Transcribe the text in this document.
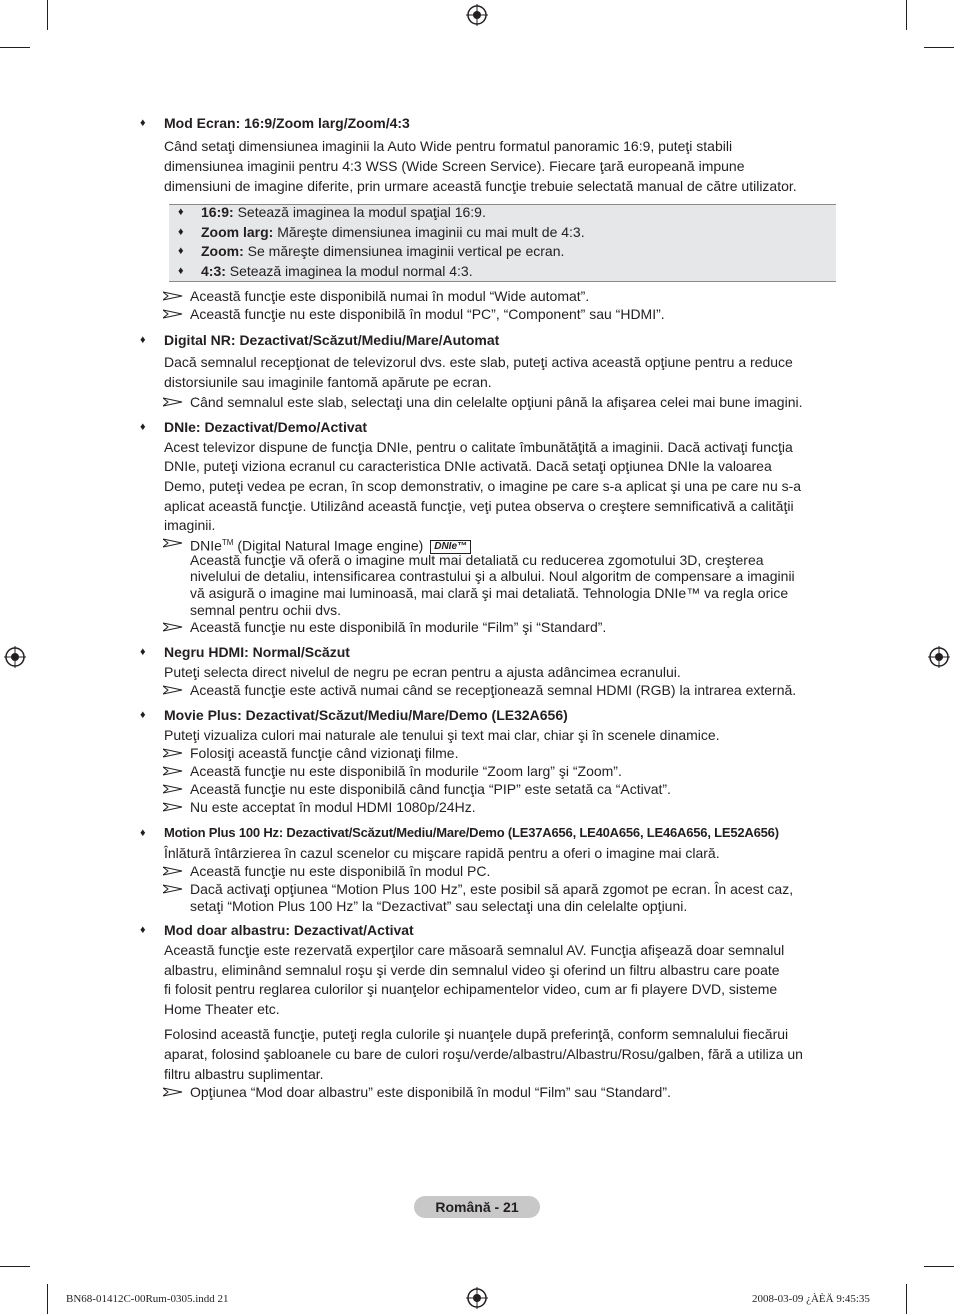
♦ Mod Ecran: 16:9/Zoom larg/Zoom/4:3
Când setaţi dimensiunea imaginii la Auto Wide pentru formatul panoramic 16:9, puteţi stabili
dimensiunea imaginii pentru 4:3 WSS (Wide Screen Service). Fiecare ţară europeană impune
dimensiuni de imagine diferite, prin urmare această funcţie trebuie selectată manual de către utilizator.
♦ 16:9: Setează imaginea la modul spaţial 16:9.
♦ Zoom larg: Măreşte dimensiunea imaginii cu mai mult de 4:3.
♦ Zoom: Se măreşte dimensiunea imaginii vertical pe ecran.
♦ 4:3: Setează imaginea la modul normal 4:3.
Această funcţie este disponibilă numai în modul “Wide automat”.
Această funcţie nu este disponibilă în modul “PC”, “Component” sau “HDMI”.
♦ Digital NR: Dezactivat/Scăzut/Mediu/Mare/Automat
Dacă semnalul recepţionat de televizorul dvs. este slab, puteţi activa această opţiune pentru a reduce
distorsiunile sau imaginile fantomă apărute pe ecran.
Când semnalul este slab, selectaţi una din celelalte opţiuni până la afişarea celei mai bune imagini.
♦ DNIe: Dezactivat/Demo/Activat
Acest televizor dispune de funcţia DNIe, pentru o calitate îmbunătăţită a imaginii. Dacă activaţi funcţia
DNIe, puteţi viziona ecranul cu caracteristica DNIe activată. Dacă setaţi opţiunea DNIe la valoarea
Demo, puteţi vedea pe ecran, în scop demonstrativ, o imagine pe care s-a aplicat şi una pe care nu s-a
aplicat această funcţie. Utilizând această funcţie, veţi putea observa o creştere semnificativă a calităţii
imaginii.
DNIe™ (Digital Natural Image engine) DNIe™
Această funcţie vă oferă o imagine mult mai detaliată cu reducerea zgomotului 3D, creşterea
nivelului de detaliu, intensificarea contrastului şi a albului. Noul algoritm de compensare a imaginii
vă asigură o imagine mai luminoasă, mai clară şi mai detaliată. Tehnologia DNIe™ va regla orice
semnal pentru ochii dvs.
Această funcţie nu este disponibilă în modurile “Film” şi “Standard”.
♦ Negru HDMI: Normal/Scăzut
Puteţi selecta direct nivelul de negru pe ecran pentru a ajusta adâncimea ecranului.
Această funcţie este activă numai când se recepţionează semnal HDMI (RGB) la intrarea externă.
♦ Movie Plus: Dezactivat/Scăzut/Mediu/Mare/Demo (LE32A656)
Puteţi vizualiza culori mai naturale ale tenului şi text mai clar, chiar şi în scenele dinamice.
Folosiţi această funcţie când vizionaţi filme.
Această funcţie nu este disponibilă în modurile “Zoom larg” şi “Zoom”.
Această funcţie nu este disponibilă când funcţia “PIP” este setată ca “Activat”.
Nu este acceptat în modul HDMI 1080p/24Hz.
♦ Motion Plus 100 Hz: Dezactivat/Scăzut/Mediu/Mare/Demo (LE37A656, LE40A656, LE46A656, LE52A656)
Înlătură întârzierea în cazul scenelor cu mişcare rapidă pentru a oferi o imagine mai clară.
Această funcţie nu este disponibilă în modul PC.
Dacă activaţi opţiunea “Motion Plus 100 Hz”, este posibil să apară zgomot pe ecran. În acest caz,
setaţi “Motion Plus 100 Hz” la “Dezactivat” sau selectaţi una din celelalte opţiuni.
♦ Mod doar albastru: Dezactivat/Activat
Această funcţie este rezervată experţilor care măsoară semnalul AV. Funcţia afişează doar semnalul
albastru, eliminând semnalul roşu şi verde din semnalul video şi oferind un filtru albastru care poate
fi folosit pentru reglarea culorilor şi nuanţelor echipamentelor video, cum ar fi playere DVD, sisteme
Home Theater etc.
Folosind această funcţie, puteţi regla culorile şi nuanţele după preferinţă, conform semnalului fiecărui
aparat, folosind şabloanele cu bare de culori roşu/verde/albastru/Albastru/Rosu/galben, fără a utiliza un
filtru albastru suplimentar.
Opţiunea “Mod doar albastru” este disponibilă în modul “Film” sau “Standard”.
Română - 21
BN68-01412C-00Rum-0305.indd 21	2008-03-09 ¿ÀÈÄ 9:45:35
